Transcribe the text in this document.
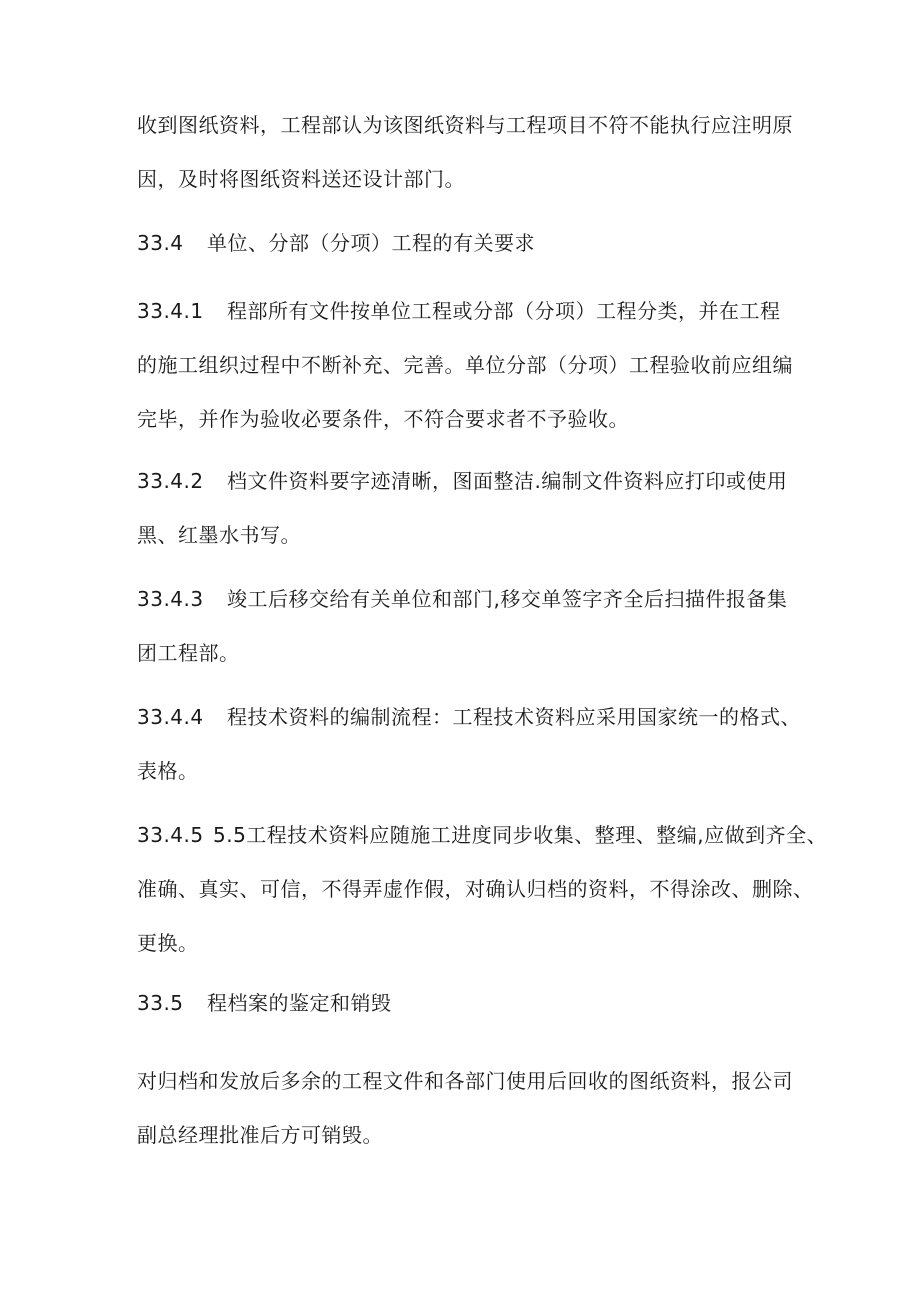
收到图纸资料，工程部认为该图纸资料与工程项目不符不能执行应注明原
因，及时将图纸资料送还设计部门。
33.4 单位、分部（分项）工程的有关要求
33.4.1 程部所有文件按单位工程或分部（分项）工程分类，并在工程
的施工组织过程中不断补充、完善。单位分部（分项）工程验收前应组编
完毕，并作为验收必要条件，不符合要求者不予验收。
33.4.2 档文件资料要字迹清晰，图面整洁.编制文件资料应打印或使用
黑、红墨水书写。
33.4.3 竣工后移交给有关单位和部门,移交单签字齐全后扫描件报备集
团工程部。
33.4.4 程技术资料的编制流程：工程技术资料应采用国家统一的格式、
表格。
33.4.5 5.5工程技术资料应随施工进度同步收集、整理、整编,应做到齐全、
准确、真实、可信，不得弄虚作假，对确认归档的资料，不得涂改、删除、
更换。
33.5 程档案的鉴定和销毁
对归档和发放后多余的工程文件和各部门使用后回收的图纸资料，报公司
副总经理批准后方可销毁。
